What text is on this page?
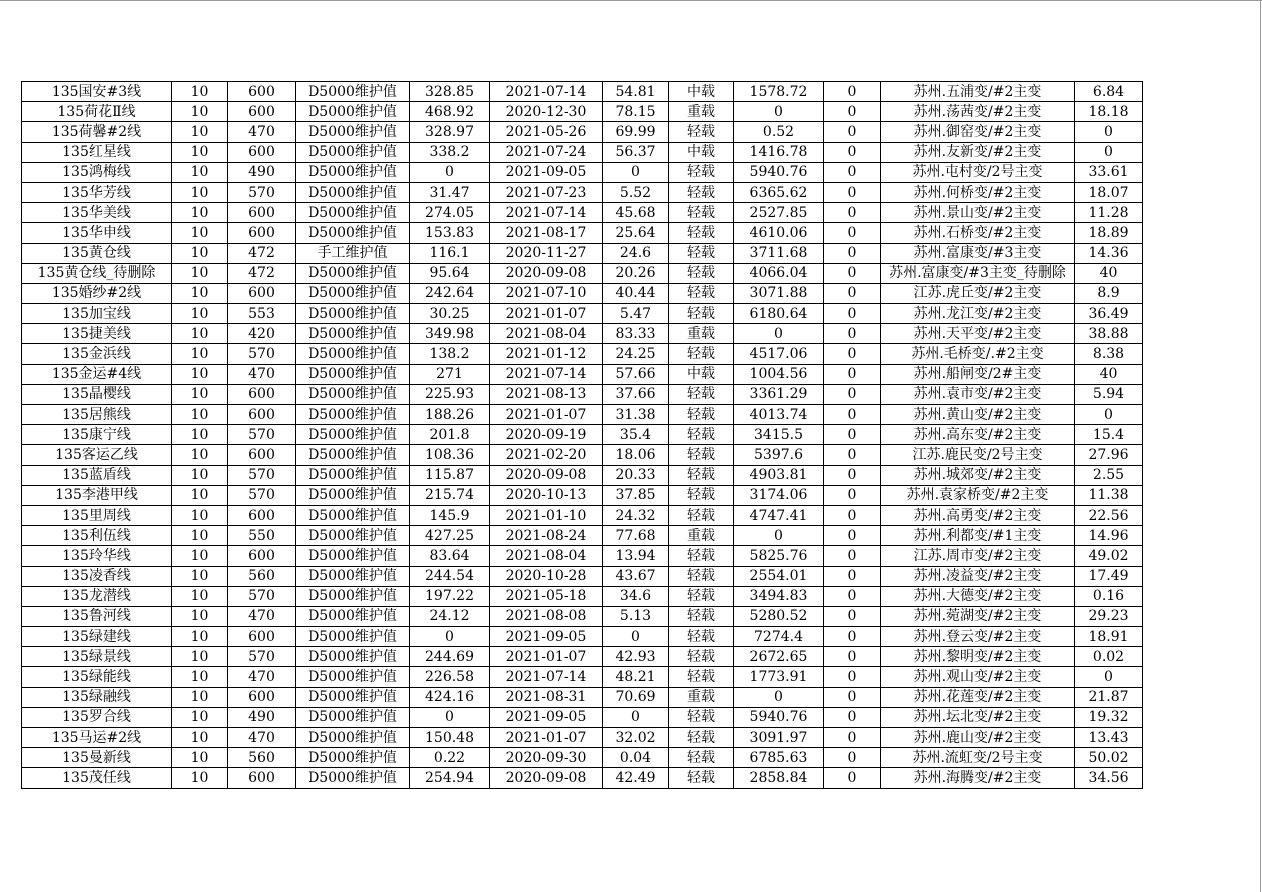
135国安#3线	10	600	D5000维护值	328.85	2021-07-14	54.81	中载	1578.72	0	苏州.五浦变/#2主变	6.84
135荷花Ⅱ线	10	600	D5000维护值	468.92	2020-12-30	78.15	重载	0	0	苏州.荡茜变/#2主变	18.18
135荷馨#2线	10	470	D5000维护值	328.97	2021-05-26	69.99	轻载	0.52	0	苏州.御窑变/#2主变	0
135红星线	10	600	D5000维护值	338.2	2021-07-24	56.37	中载	1416.78	0	苏州.友新变/#2主变	0
135鸿梅线	10	490	D5000维护值	0	2021-09-05	0	轻载	5940.76	0	苏州.屯村变/2号主变	33.61
135华芳线	10	570	D5000维护值	31.47	2021-07-23	5.52	轻载	6365.62	0	苏州.何桥变/#2主变	18.07
135华美线	10	600	D5000维护值	274.05	2021-07-14	45.68	轻载	2527.85	0	苏州.景山变/#2主变	11.28
135华申线	10	600	D5000维护值	153.83	2021-08-17	25.64	轻载	4610.06	0	苏州.石桥变/#2主变	18.89
135黄仓线	10	472	手工维护值	116.1	2020-11-27	24.6	轻载	3711.68	0	苏州.富康变/#3主变	14.36
135黄仓线_待删除	10	472	D5000维护值	95.64	2020-09-08	20.26	轻载	4066.04	0	苏州.富康变/#3主变_待删除	40
135婚纱#2线	10	600	D5000维护值	242.64	2021-07-10	40.44	轻载	3071.88	0	江苏.虎丘变/#2主变	8.9
135加宝线	10	553	D5000维护值	30.25	2021-01-07	5.47	轻载	6180.64	0	苏州.龙江变/#2主变	36.49
135捷美线	10	420	D5000维护值	349.98	2021-08-04	83.33	重载	0	0	苏州.天平变/#2主变	38.88
135金浜线	10	570	D5000维护值	138.2	2021-01-12	24.25	轻载	4517.06	0	苏州.毛桥变/.#2主变	8.38
135金运#4线	10	470	D5000维护值	271	2021-07-14	57.66	中载	1004.56	0	苏州.船闸变/2#主变	40
135晶樱线	10	600	D5000维护值	225.93	2021-08-13	37.66	轻载	3361.29	0	苏州.袁市变/#2主变	5.94
135居熊线	10	600	D5000维护值	188.26	2021-01-07	31.38	轻载	4013.74	0	苏州.黄山变/#2主变	0
135康宁线	10	570	D5000维护值	201.8	2020-09-19	35.4	轻载	3415.5	0	苏州.高东变/#2主变	15.4
135客运乙线	10	600	D5000维护值	108.36	2021-02-20	18.06	轻载	5397.6	0	江苏.鹿民变/2号主变	27.96
135蓝盾线	10	570	D5000维护值	115.87	2020-09-08	20.33	轻载	4903.81	0	苏州.城郊变/#2主变	2.55
135李港甲线	10	570	D5000维护值	215.74	2020-10-13	37.85	轻载	3174.06	0	苏州.袁家桥变/#2主变	11.38
135里周线	10	600	D5000维护值	145.9	2021-01-10	24.32	轻载	4747.41	0	苏州.高勇变/#2主变	22.56
135利伍线	10	550	D5000维护值	427.25	2021-08-24	77.68	重载	0	0	苏州.利都变/#1主变	14.96
135玲华线	10	600	D5000维护值	83.64	2021-08-04	13.94	轻载	5825.76	0	江苏.周市变/#2主变	49.02
135凌香线	10	560	D5000维护值	244.54	2020-10-28	43.67	轻载	2554.01	0	苏州.凌益变/#2主变	17.49
135龙潜线	10	570	D5000维护值	197.22	2021-05-18	34.6	轻载	3494.83	0	苏州.大德变/#2主变	0.16
135鲁河线	10	470	D5000维护值	24.12	2021-08-08	5.13	轻载	5280.52	0	苏州.菀湖变/#2主变	29.23
135绿建线	10	600	D5000维护值	0	2021-09-05	0	轻载	7274.4	0	苏州.登云变/#2主变	18.91
135绿景线	10	570	D5000维护值	244.69	2021-01-07	42.93	轻载	2672.65	0	苏州.黎明变/#2主变	0.02
135绿能线	10	470	D5000维护值	226.58	2021-07-14	48.21	轻载	1773.91	0	苏州.观山变/#2主变	0
135绿融线	10	600	D5000维护值	424.16	2021-08-31	70.69	重载	0	0	苏州.花莲变/#2主变	21.87
135罗合线	10	490	D5000维护值	0	2021-09-05	0	轻载	5940.76	0	苏州.坛北变/#2主变	19.32
135马运#2线	10	470	D5000维护值	150.48	2021-01-07	32.02	轻载	3091.97	0	苏州.鹿山变/#2主变	13.43
135曼新线	10	560	D5000维护值	0.22	2020-09-30	0.04	轻载	6785.63	0	苏州.流虹变/2号主变	50.02
135茂任线	10	600	D5000维护值	254.94	2020-09-08	42.49	轻载	2858.84	0	苏州.海腾变/#2主变	34.56
